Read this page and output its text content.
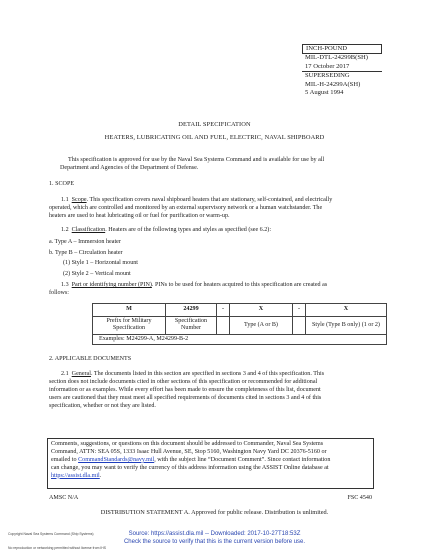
INCH-POUND
MIL-DTL-24299B(SH)
17 October 2017
SUPERSEDING
MIL-H-24299A(SH)
5 August 1994
DETAIL SPECIFICATION
HEATERS, LUBRICATING OIL AND FUEL, ELECTRIC, NAVAL SHIPBOARD
This specification is approved for use by the Naval Sea Systems Command and is available for use by all
Department and Agencies of the Department of Defense.
1. SCOPE
1.1 Scope. This specification covers naval shipboard heaters that are stationary, self-contained, and electrically
operated, which are controlled and monitored by an external supervisory network or a human watchstander. The
heaters are used to heat lubricating oil or fuel for purification or warm-up.
1.2 Classification. Heaters are of the following types and styles as specified (see 6.2):
a. Type A – Immersion heater
b. Type B – Circulation heater
(1) Style 1 – Horizontal mount
(2) Style 2 – Vertical mount
1.3 Part or identifying number (PIN). PINs to be used for heaters acquired to this specification are created as
follows:
M	24299	-	X	-	X
Prefix for Military Specification	Specification Number		Type (A or B)		Style (Type B only) (1 or 2)
Examples: M24299-A, M24299-B-2					
2. APPLICABLE DOCUMENTS
2.1 General. The documents listed in this section are specified in sections 3 and 4 of this specification. This
section does not include documents cited in other sections of this specification or recommended for additional
information or as examples. While every effort has been made to ensure the completeness of this list, document
users are cautioned that they must meet all specified requirements of documents cited in sections 3 and 4 of this
specification, whether or not they are listed.
Comments, suggestions, or questions on this document should be addressed to Commander, Naval Sea Systems
Command, ATTN: SEA 05S, 1333 Isaac Hull Avenue, SE, Stop 5160, Washington Navy Yard DC 20376-5160 or
emailed to CommandStandards@navy.mil, with the subject line “Document Comment”. Since contact information
can change, you may want to verify the currency of this address information using the ASSIST Online database at
https://assist.dla.mil.
AMSC N/A	FSC 4540
DISTRIBUTION STATEMENT A. Approved for public release. Distribution is unlimited.
Copyright Naval Sea Systems Command (Ship Systems)
No reproduction or networking permitted without license from IHS
Source: https://assist.dla.mil -- Downloaded: 2017-10-27T18:53Z
Check the source to verify that this is the current version before use.
